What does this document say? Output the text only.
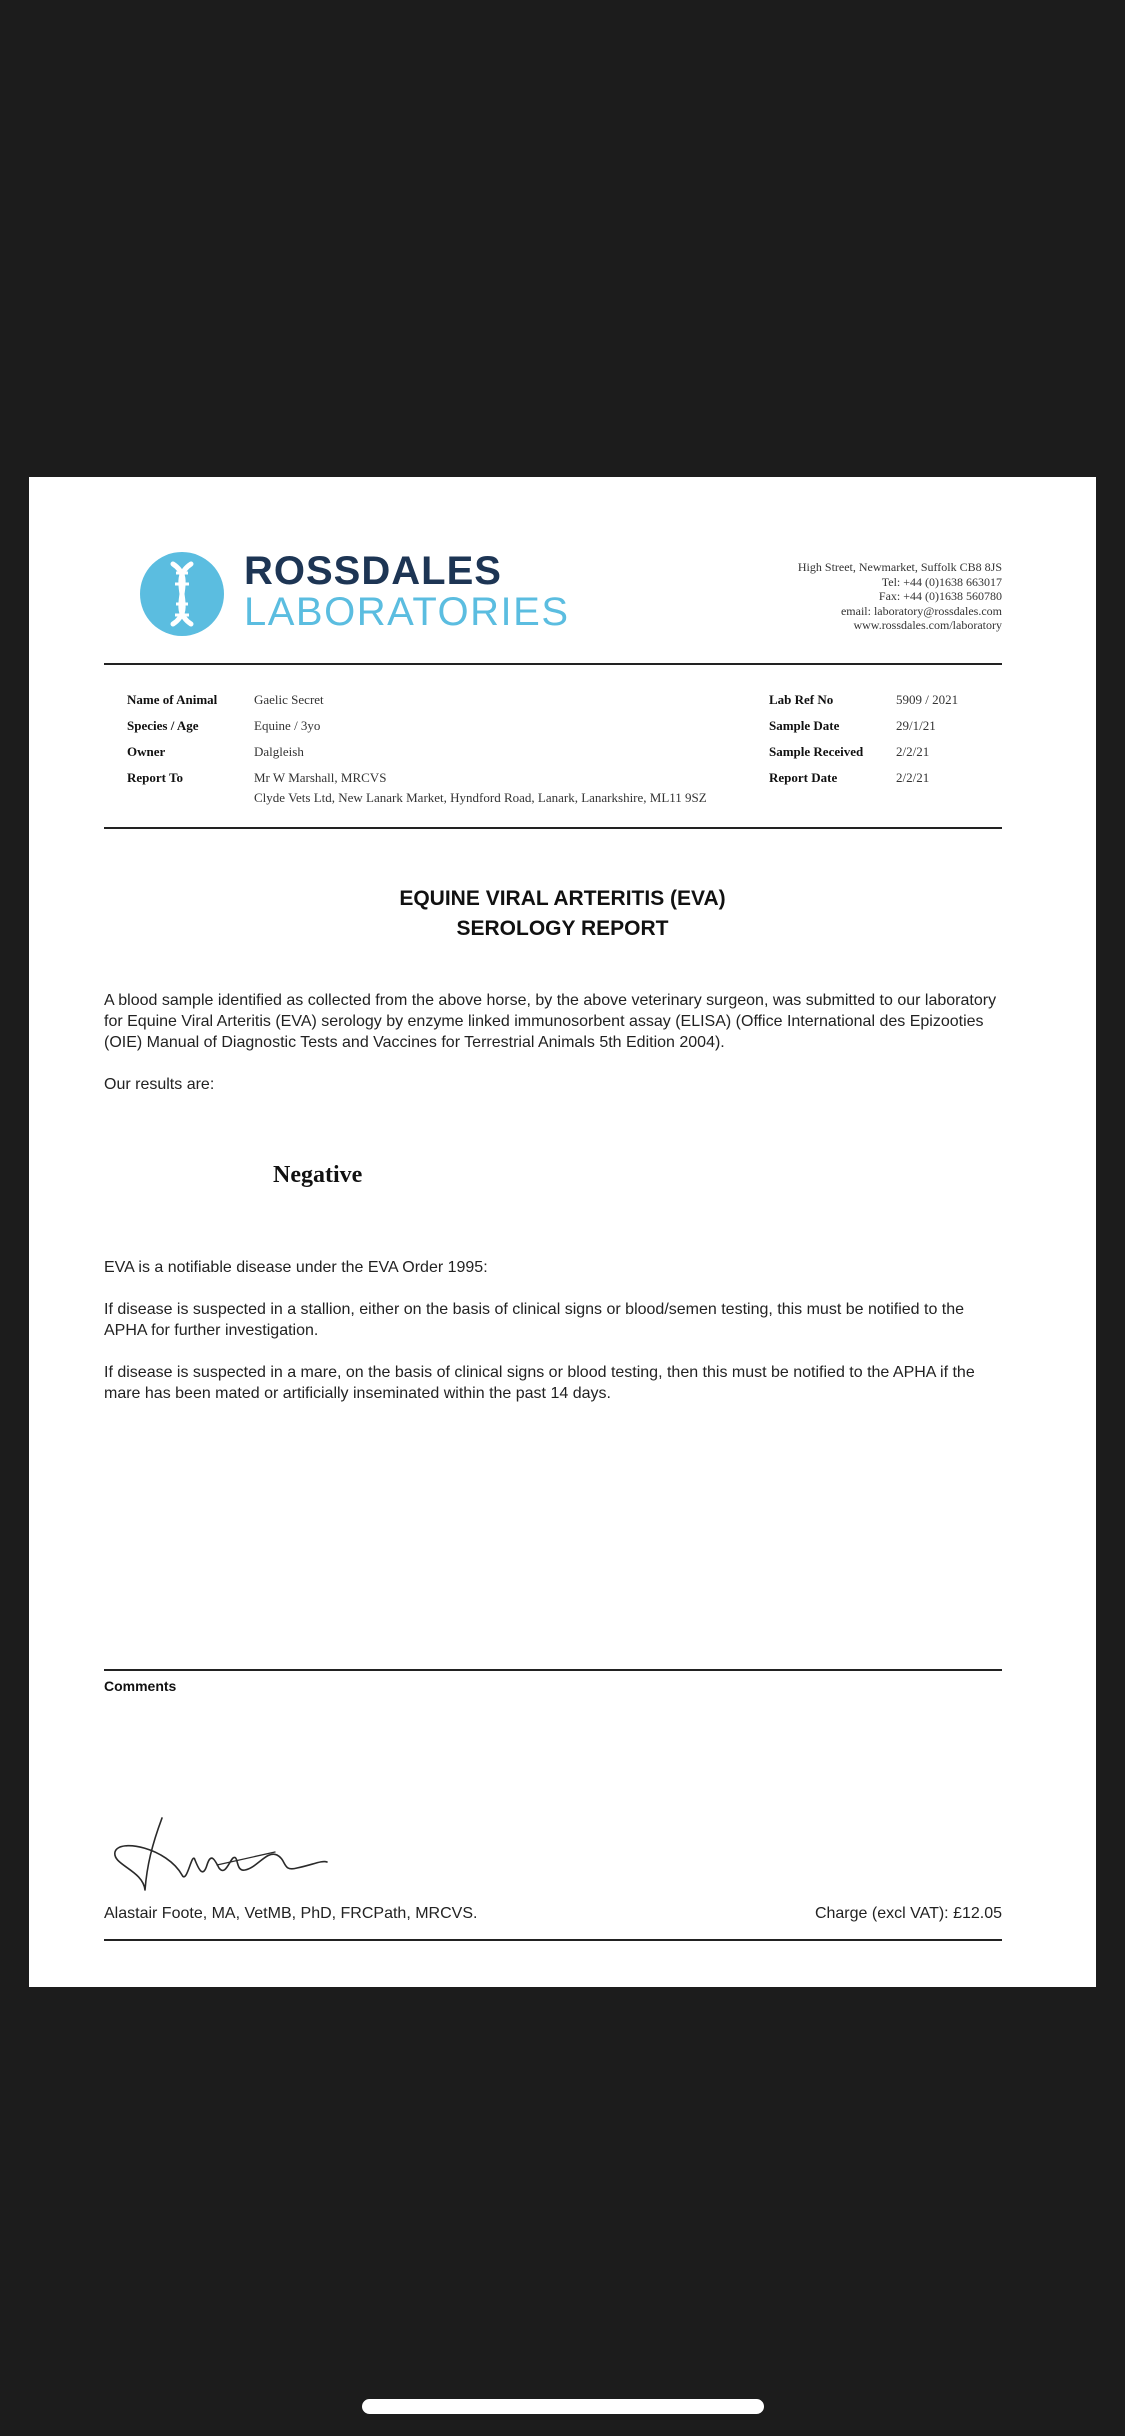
ROSSDALES
LABORATORIES
High Street, Newmarket, Suffolk CB8 8JS
Tel: +44 (0)1638 663017
Fax: +44 (0)1638 560780
email: laboratory@rossdales.com
www.rossdales.com/laboratory
Name of Animal	Gaelic Secret
Species / Age	Equine / 3yo
Owner	Dalgleish
Report To	Mr W Marshall, MRCVS
Clyde Vets Ltd, New Lanark Market, Hyndford Road, Lanark, Lanarkshire, ML11 9SZ
Lab Ref No	5909 / 2021
Sample Date	29/1/21
Sample Received	2/2/21
Report Date	2/2/21
EQUINE VIRAL ARTERITIS (EVA)
SEROLOGY REPORT
A blood sample identified as collected from the above horse, by the above veterinary surgeon, was submitted to our laboratory for Equine Viral Arteritis (EVA) serology by enzyme linked immunosorbent assay (ELISA) (Office International des Epizooties (OIE) Manual of Diagnostic Tests and Vaccines for Terrestrial Animals 5th Edition 2004).
Our results are:
Negative
EVA is a notifiable disease under the EVA Order 1995:
If disease is suspected in a stallion, either on the basis of clinical signs or blood/semen testing, this must be notified to the APHA for further investigation.
If disease is suspected in a mare, on the basis of clinical signs or blood testing, then this must be notified to the APHA if the mare has been mated or artificially inseminated within the past 14 days.
Comments
Alastair Foote, MA, VetMB, PhD, FRCPath, MRCVS.	Charge (excl VAT): £12.05
